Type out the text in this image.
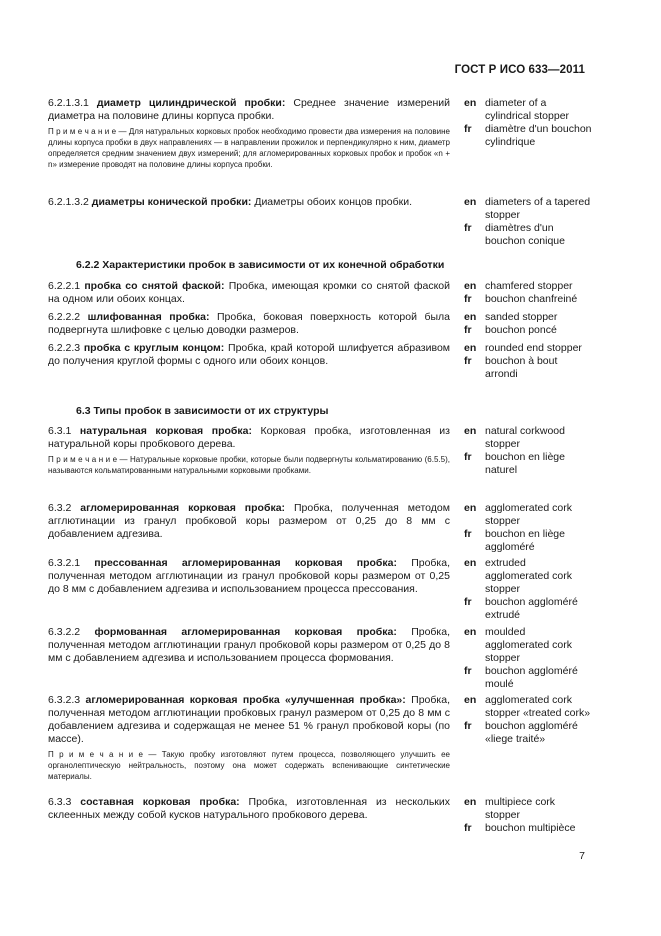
ГОСТ Р ИСО 633—2011
6.2.1.3.1 диаметр цилиндрической пробки: Среднее значение измерений диаметра на половине длины корпуса пробки.
П р и м е ч а н и е — Для натуральных корковых пробок необходимо провести два измерения на половине длины корпуса пробки в двух направлениях — в направлении прожилок и перпендикулярно к ним, диаметр определяется средним значением двух измерений; для агломерированных корковых пробок и пробок «n + n» измерение проводят на половине длины корпуса пробки.
en diameter of a cylindrical stopper
fr	diamètre d'un bouchon cylindrique
6.2.1.3.2 диаметры конической пробки: Диаметры обоих концов пробки.	en diameters of a tapered stopper
fr	diamètres d'un bouchon conique
6.2.2 Характеристики пробок в зависимости от их конечной обработки
6.2.2.1 пробка со снятой фаской: Пробка, имеющая кромки со снятой фаской на одном или обоих концах.
en chamfered stopper
fr	bouchon chanfreiné
6.2.2.2 шлифованная пробка: Пробка, боковая поверхность которой была подвергнута шлифовке с целью доводки размеров.
en sanded stopper
fr	bouchon poncé
6.2.2.3 пробка с круглым концом: Пробка, край которой шлифуется абразивом до получения круглой формы с одного или обоих концов.
en rounded end stopper
fr	bouchon à bout arrondi
6.3 Типы пробок в зависимости от их структуры
6.3.1 натуральная корковая пробка: Корковая пробка, изготовленная из натуральной коры пробкового дерева.
П р и м е ч а н и е — Натуральные корковые пробки, которые были подвергнуты кольматированию (6.5.5), называются кольматированными натуральными корковыми пробками.
en natural corkwood stopper
fr	bouchon en liège naturel
6.3.2 агломерированная корковая пробка: Пробка, полученная методом агглютинации из гранул пробковой коры размером от 0,25 до 8 мм с добавлением адгезива.
en agglomerated cork stopper
fr	bouchon en liège aggloméré
6.3.2.1 прессованная агломерированная корковая пробка: Пробка, полученная методом агглютинации из гранул пробковой коры размером от 0,25 до 8 мм с добавлением адгезива и использованием процесса прессования.
en extruded agglomerated cork stopper
fr	bouchon aggloméré extrudé
6.3.2.2 формованная агломерированная корковая пробка: Пробка, полученная методом агглютинации гранул пробковой коры размером от 0,25 до 8 мм с добавлением адгезива и использованием процесса формования.
en moulded agglomerated cork stopper
fr	bouchon aggloméré moulé
6.3.2.3 агломерированная корковая пробка «улучшенная пробка»: Пробка, полученная методом агглютинации пробковых гранул размером от 0,25 до 8 мм с добавлением адгезива и содержащая не менее 51 % гранул пробковой коры (по массе).
П р и м е ч а н и е — Такую пробку изготовляют путем процесса, позволяющего улучшить ее органолептическую нейтральность, поэтому она может содержать вспенивающие синтетические материалы.
en agglomerated cork stopper «treated cork»
fr	bouchon aggloméré «liege traité»
6.3.3 составная корковая пробка: Пробка, изготовленная из нескольких склеенных между собой кусков натурального пробкового дерева.
en multipiece cork stopper
fr	bouchon multipièce
7
